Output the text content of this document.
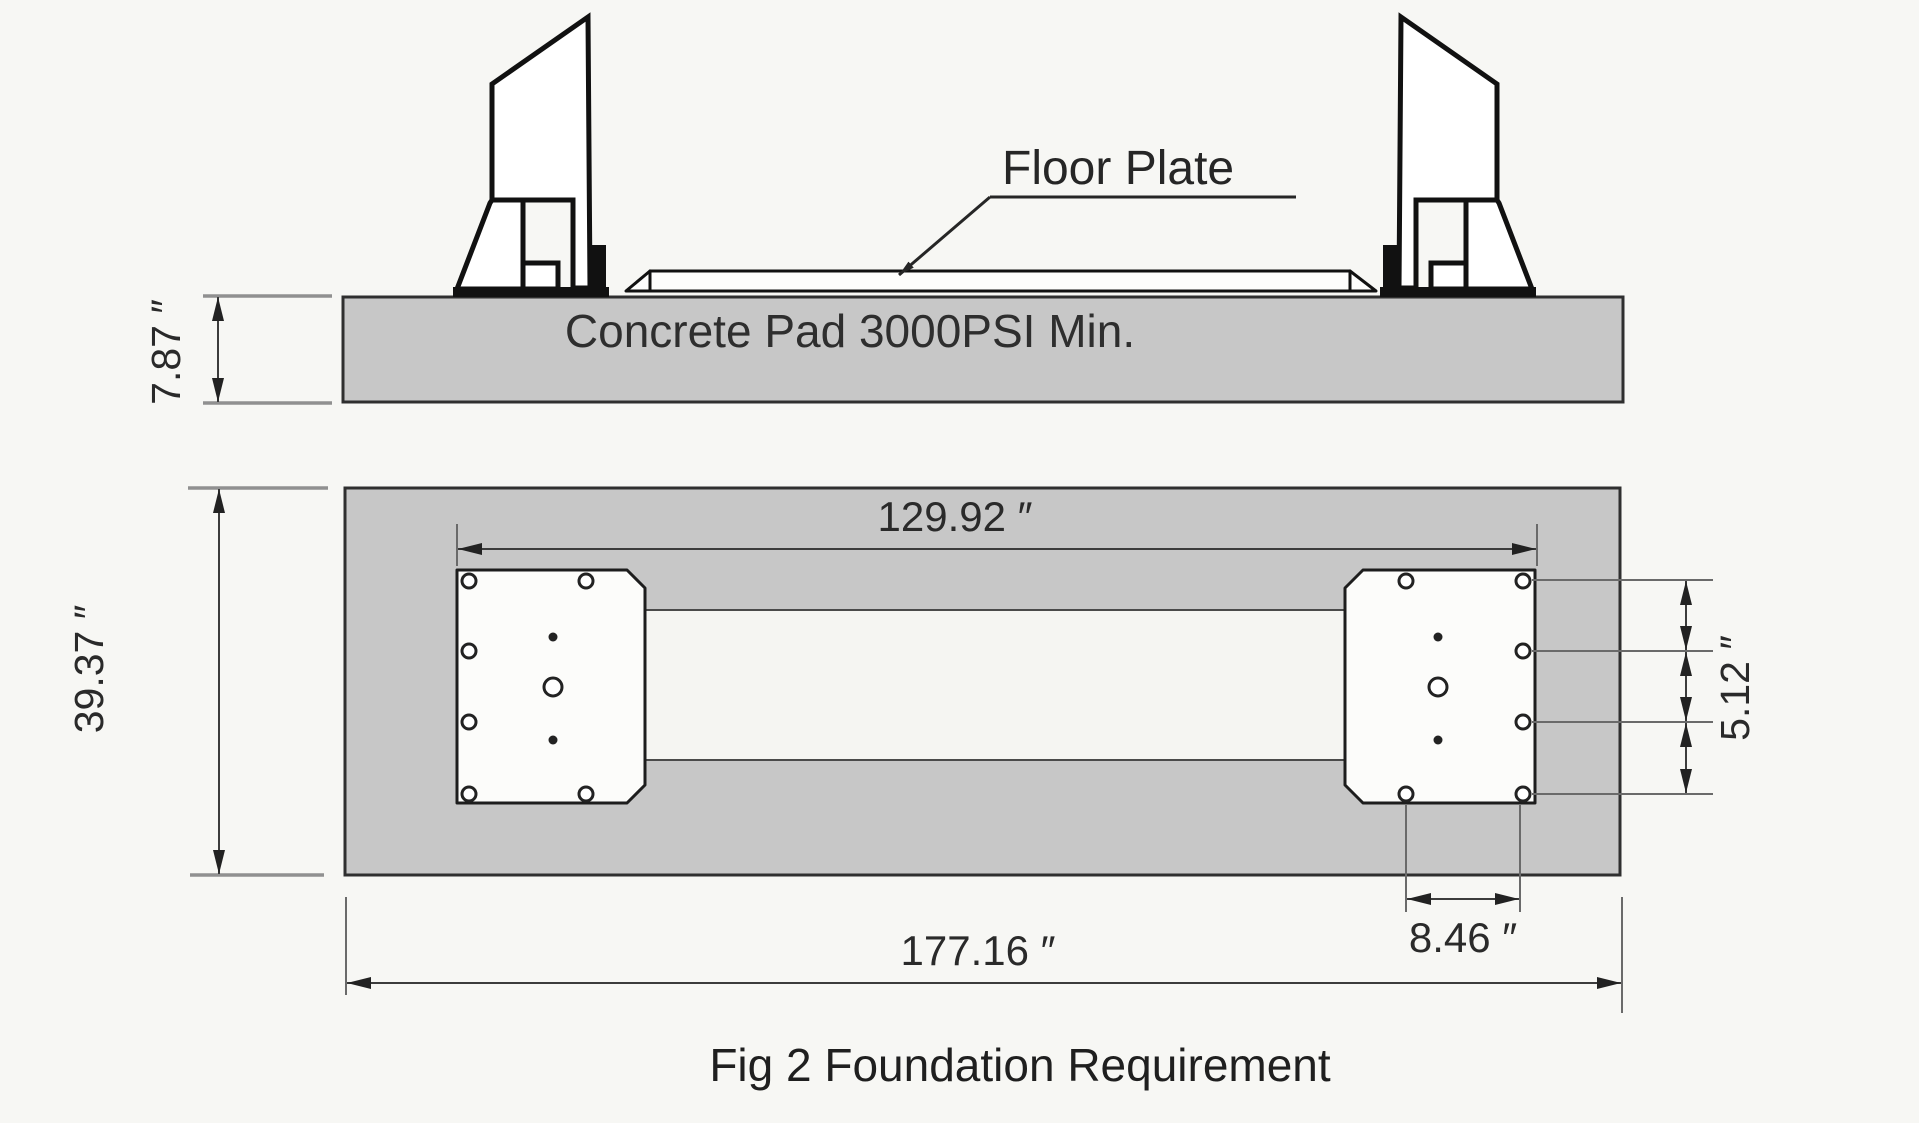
Concrete Pad 3000PSI Min.
Floor Plate
7.87 ″
129.92 ″
39.37 ″
177.16 ″	8.46 ″
5.12 ″
Fig 2 Foundation Requirement
